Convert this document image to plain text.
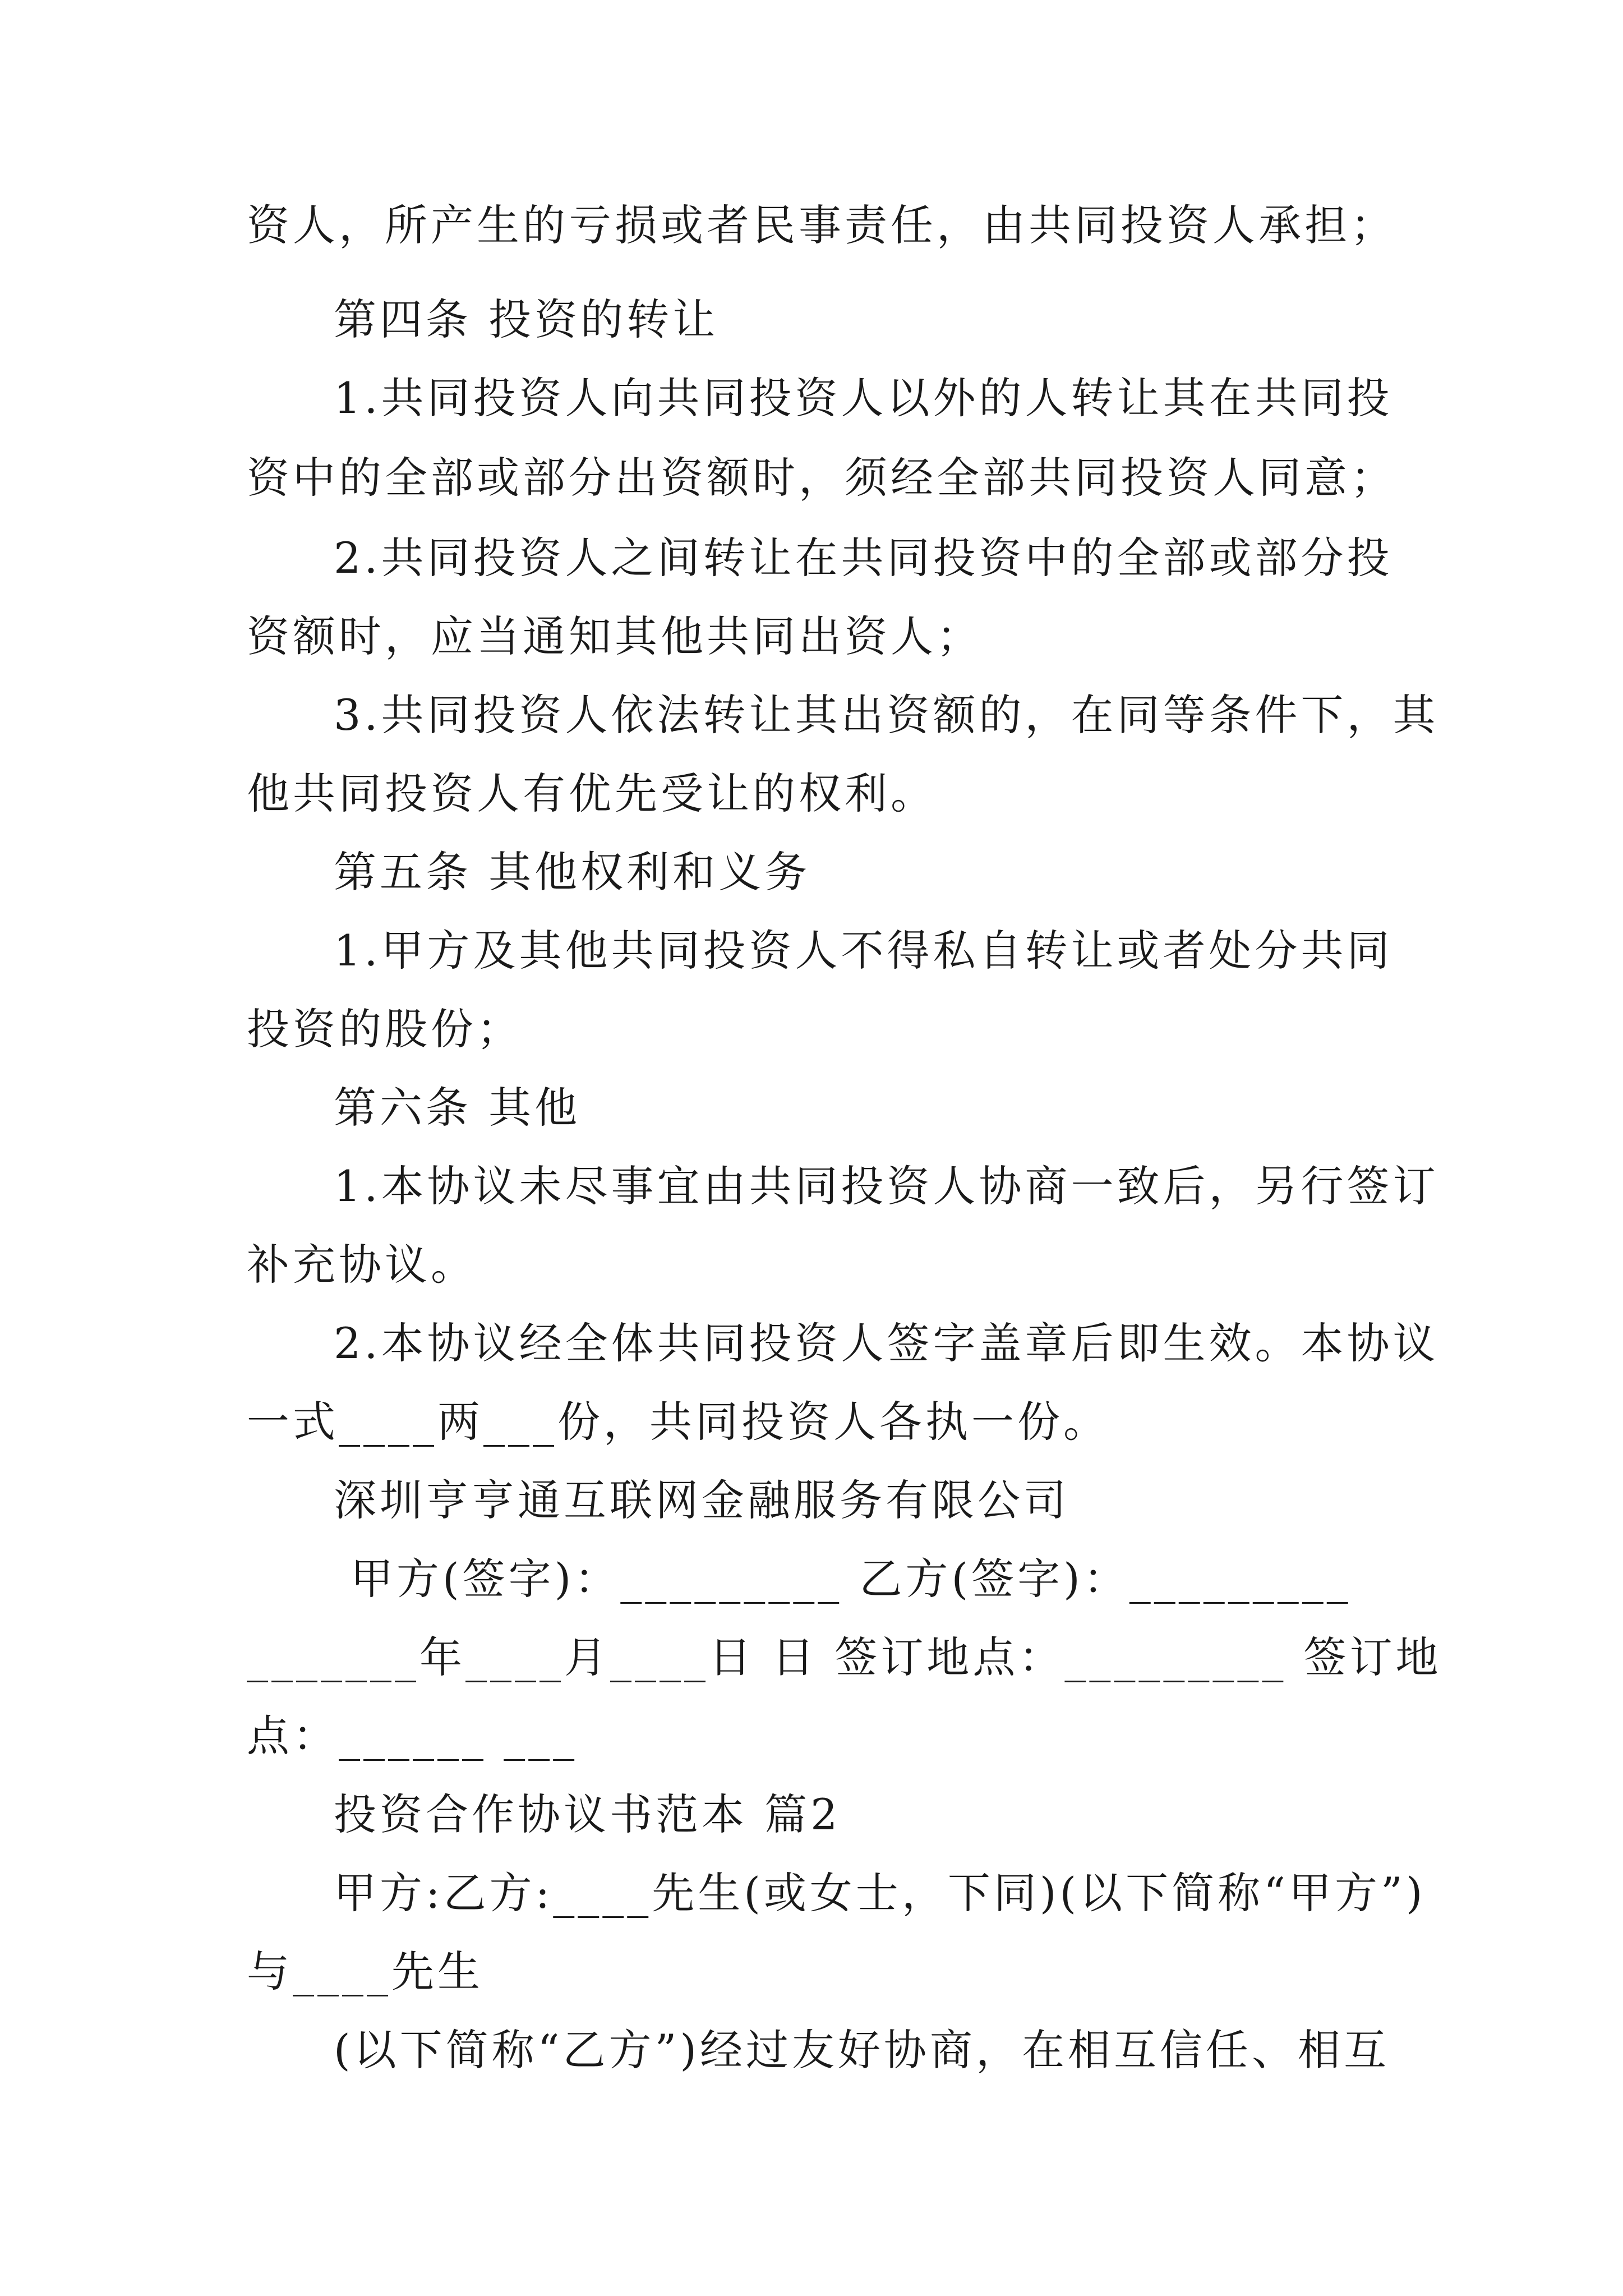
资人，所产生的亏损或者民事责任，由共同投资人承担；
第四条 投资的转让
1.共同投资人向共同投资人以外的人转让其在共同投
资中的全部或部分出资额时，须经全部共同投资人同意；
2.共同投资人之间转让在共同投资中的全部或部分投
资额时，应当通知其他共同出资人；
3.共同投资人依法转让其出资额的，在同等条件下，其
他共同投资人有优先受让的权利。
第五条 其他权利和义务
1.甲方及其他共同投资人不得私自转让或者处分共同
投资的股份；
第六条 其他
1.本协议未尽事宜由共同投资人协商一致后，另行签订
补充协议。
2.本协议经全体共同投资人签字盖章后即生效。本协议
一式____两___份，共同投资人各执一份。
深圳亨亨通互联网金融服务有限公司
甲方(签字)：_________ 乙方(签字)：_________
_______年____月____日 日 签订地点：_________ 签订地
点：______ ___
投资合作协议书范本 篇2
甲方:乙方:____先生(或女士，下同)(以下简称“甲方”)
与____先生
(以下简称“乙方”)经过友好协商，在相互信任、相互
